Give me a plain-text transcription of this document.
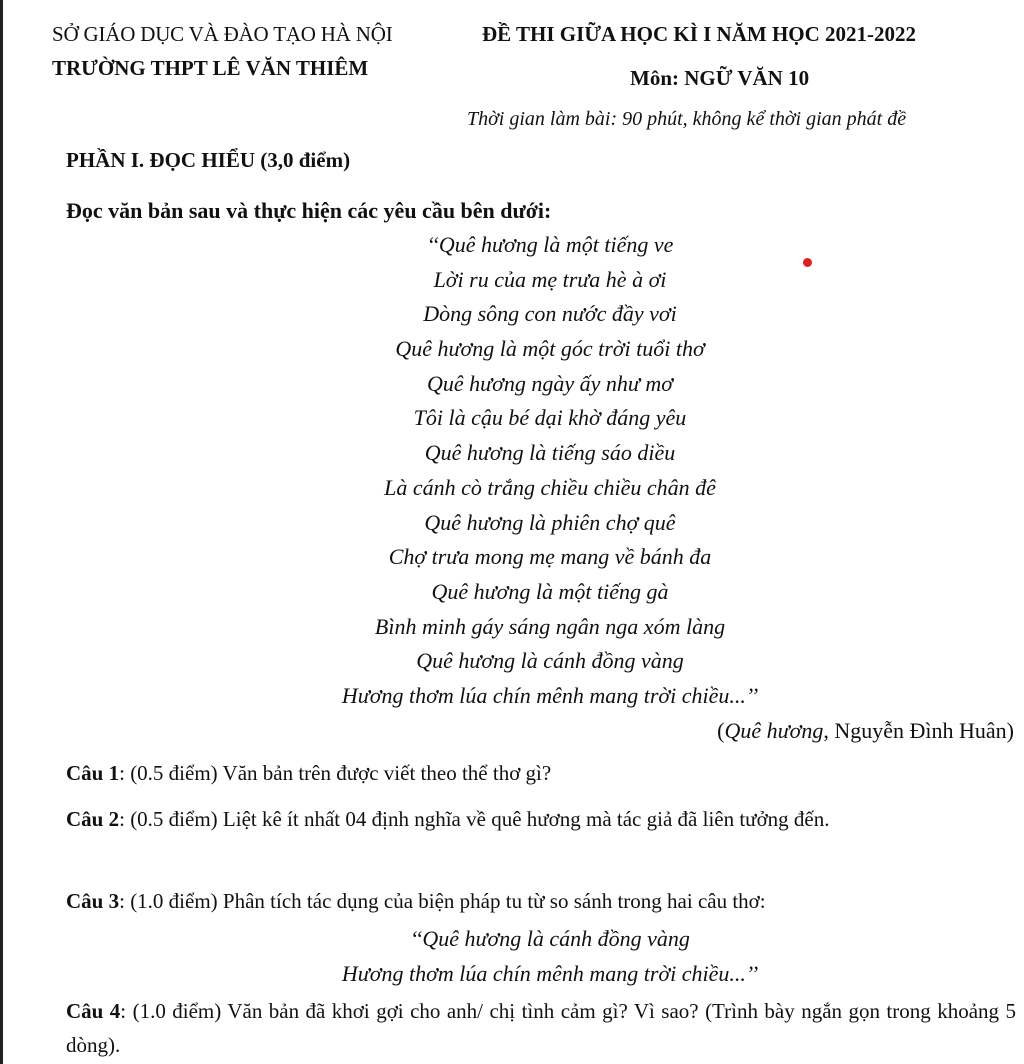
SỞ GIÁO DỤC VÀ ĐÀO TẠO HÀ NỘI
TRƯỜNG THPT LÊ VĂN THIÊM
ĐỀ THI GIỮA HỌC KÌ I NĂM HỌC 2021-2022
Môn: NGỮ VĂN 10
Thời gian làm bài: 90 phút, không kể thời gian phát đề
PHẦN I. ĐỌC HIỂU (3,0 điểm)
Đọc văn bản sau và thực hiện các yêu cầu bên dưới:
‘‘Quê hương là một tiếng ve
Lời ru của mẹ trưa hè à ơi
Dòng sông con nước đầy vơi
Quê hương là một góc trời tuổi thơ
Quê hương ngày ấy như mơ
Tôi là cậu bé dại khờ đáng yêu
Quê hương là tiếng sáo diều
Là cánh cò trắng chiều chiều chân đê
Quê hương là phiên chợ quê
Chợ trưa mong mẹ mang về bánh đa
Quê hương là một tiếng gà
Bình minh gáy sáng ngân nga xóm làng
Quê hương là cánh đồng vàng
Hương thơm lúa chín mênh mang trời chiều...’’
(Quê hương, Nguyễn Đình Huân)
Câu 1: (0.5 điểm) Văn bản trên được viết theo thể thơ gì?
Câu 2: (0.5 điểm) Liệt kê ít nhất 04 định nghĩa về quê hương mà tác giả đã liên tưởng đến.
Câu 3: (1.0 điểm) Phân tích tác dụng của biện pháp tu từ so sánh trong hai câu thơ:
‘‘Quê hương là cánh đồng vàng
Hương thơm lúa chín mênh mang trời chiều...’’
Câu 4: (1.0 điểm) Văn bản đã khơi gợi cho anh/ chị tình cảm gì? Vì sao? (Trình bày ngắn gọn trong khoảng 5 dòng).
